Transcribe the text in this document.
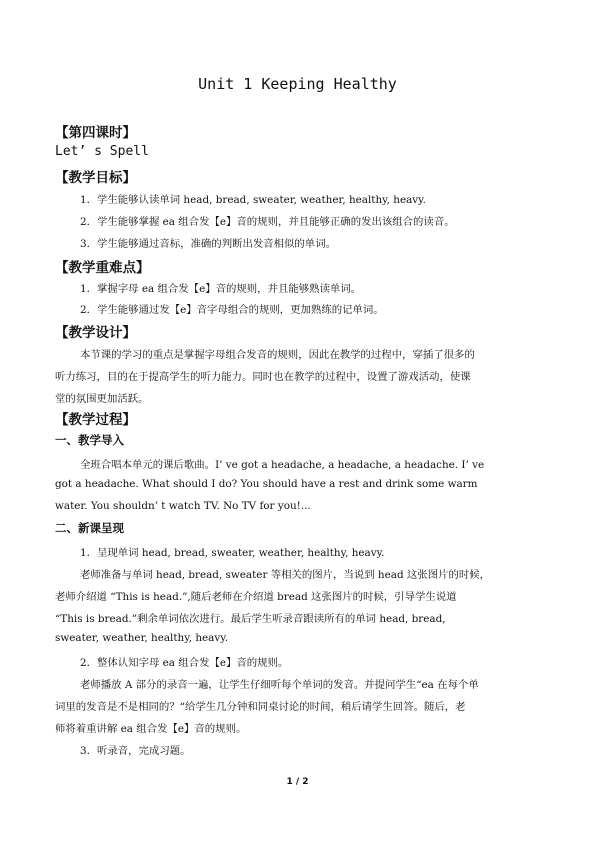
Unit 1 Keeping Healthy
【第四课时】
Let’ s Spell
【教学目标】
1．学生能够认读单词 head, bread, sweater, weather, healthy, heavy.
2．学生能够掌握 ea 组合发【e】音的规则，并且能够正确的发出该组合的读音。
3．学生能够通过音标，准确的判断出发音相似的单词。
【教学重难点】
1．掌握字母 ea 组合发【e】音的规则，并且能够熟读单词。
2．学生能够通过发【e】音字母组合的规则，更加熟练的记单词。
【教学设计】
本节课的学习的重点是掌握字母组合发音的规则，因此在教学的过程中，穿插了很多的
听力练习，目的在于提高学生的听力能力。同时也在教学的过程中，设置了游戏活动，使课
堂的氛围更加活跃。
【教学过程】
一、教学导入
全班合唱本单元的课后歌曲。I’ ve got a headache, a headache, a headache. I’ ve
got a headache. What should I do? You should have a rest and drink some warm
water. You shouldn’ t watch TV. No TV for you!...
二、新课呈现
1．呈现单词 head, bread, sweater, weather, healthy, heavy.
老师准备与单词 head, bread, sweater 等相关的图片，当说到 head 这张图片的时候，
老师介绍道 “This is head.”,随后老师在介绍道 bread 这张图片的时候，引导学生说道
“This is bread.”剩余单词依次进行。最后学生听录音跟读所有的单词 head, bread,
sweater, weather, healthy, heavy.
2．整体认知字母 ea 组合发【e】音的规则。
老师播放 A 部分的录音一遍，让学生仔细听每个单词的发音。并提问学生“ea 在每个单
词里的发音是不是相同的？“给学生几分钟和同桌讨论的时间，稍后请学生回答。随后，老
师将着重讲解 ea 组合发【e】音的规则。
3．听录音，完成习题。
1 / 2
